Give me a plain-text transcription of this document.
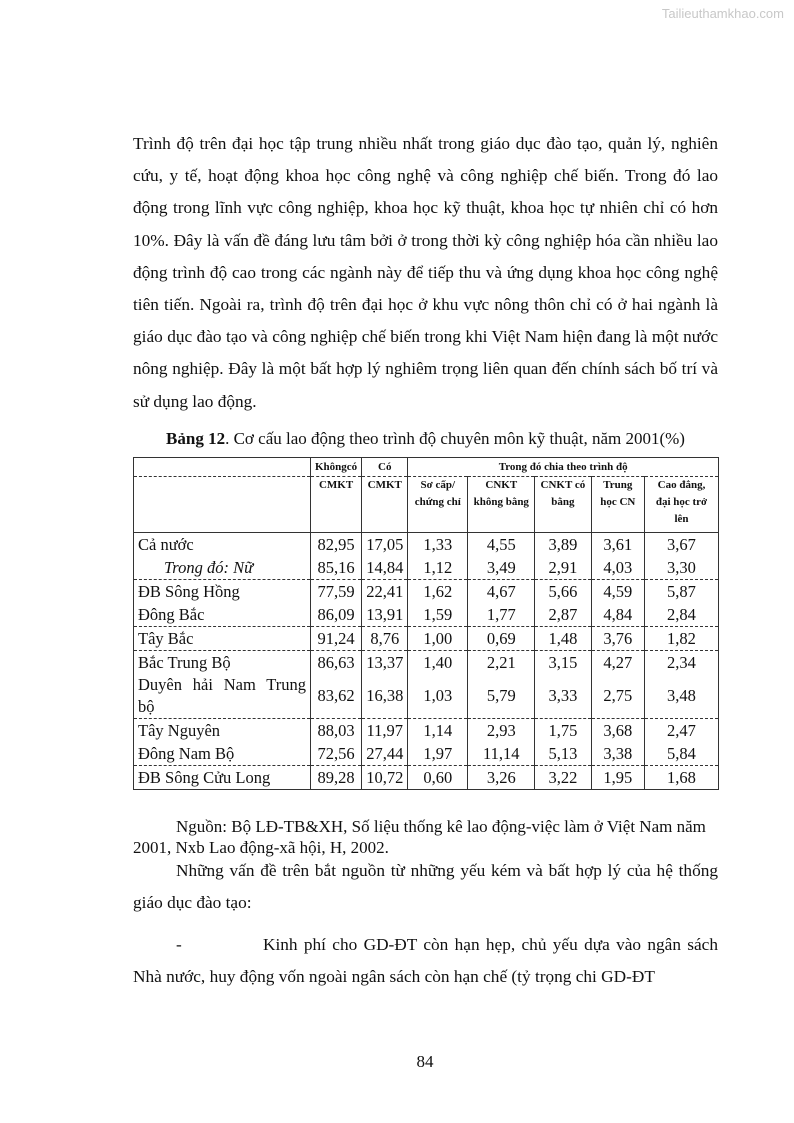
Tailieuthamkhao.com
Trình độ trên đại học tập trung nhiều nhất trong giáo dục đào tạo, quản lý, nghiên cứu, y tế, hoạt động khoa học công nghệ và công nghiệp chế biến. Trong đó lao động trong lĩnh vực công nghiệp, khoa học kỹ thuật, khoa học tự nhiên chỉ có hơn 10%. Đây là vấn đề đáng lưu tâm bởi ở trong thời kỳ công nghiệp hóa cần nhiều lao động trình độ cao trong các ngành này để tiếp thu và ứng dụng khoa học công nghệ tiên tiến. Ngoài ra, trình độ trên đại học ở khu vực nông thôn chỉ có ở hai ngành là giáo dục đào tạo và công nghiệp chế biến trong khi Việt Nam hiện đang là một nước nông nghiệp. Đây là một bất hợp lý nghiêm trọng liên quan đến chính sách bố trí và sử dụng lao động.
Bảng 12. Cơ cấu lao động theo trình độ chuyên môn kỹ thuật, năm 2001(%)
	Khôngcó	Có	Trong đó chia theo trình độ				
	CMKT	CMKT	Sơ cấp/ chứng chỉ	CNKT không bằng	CNKT có bằng	Trung học CN	Cao đẳng, đại học trở lên
Cả nước	82,95	17,05	1,33	4,55	3,89	3,61	3,67
Trong đó: Nữ	85,16	14,84	1,12	3,49	2,91	4,03	3,30
ĐB Sông Hồng	77,59	22,41	1,62	4,67	5,66	4,59	5,87
Đông Bắc	86,09	13,91	1,59	1,77	2,87	4,84	2,84
Tây Bắc	91,24	8,76	1,00	0,69	1,48	3,76	1,82
Bắc Trung Bộ	86,63	13,37	1,40	2,21	3,15	4,27	2,34
Duyên hải Nam Trung bộ	83,62	16,38	1,03	5,79	3,33	2,75	3,48
Tây Nguyên	88,03	11,97	1,14	2,93	1,75	3,68	2,47
Đông Nam Bộ	72,56	27,44	1,97	11,14	5,13	3,38	5,84
ĐB Sông Cửu Long	89,28	10,72	0,60	3,26	3,22	1,95	1,68
Nguồn: Bộ LĐ-TB&XH, Số liệu thống kê lao động-việc làm ở Việt Nam năm 2001, Nxb Lao động-xã hội, H, 2002.
Những vấn đề trên bắt nguồn từ những yếu kém và bất hợp lý của hệ thống giáo dục đào tạo:
-	Kinh phí cho GD-ĐT còn hạn hẹp, chủ yếu dựa vào ngân sách Nhà nước, huy động vốn ngoài ngân sách còn hạn chế (tỷ trọng chi GD-ĐT
84
